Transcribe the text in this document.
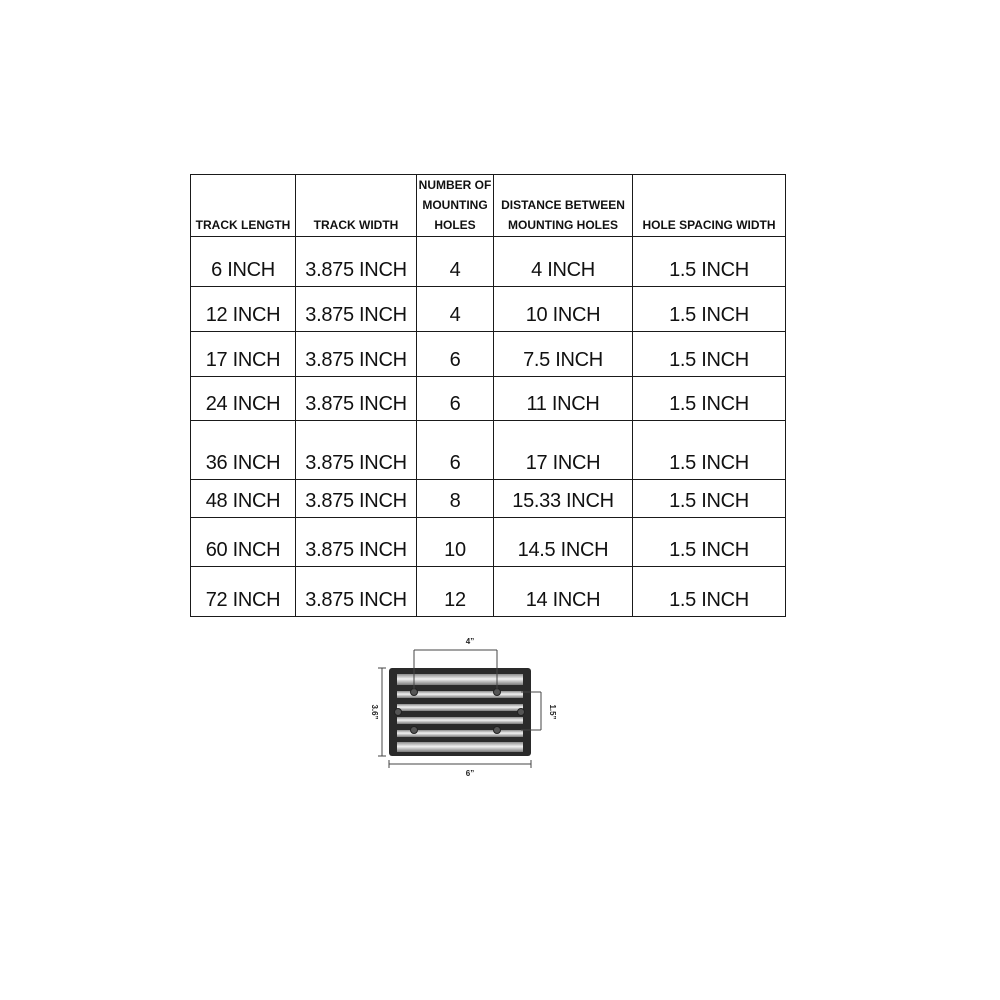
TRACK LENGTH	TRACK WIDTH	NUMBER OF MOUNTING HOLES	DISTANCE BETWEEN MOUNTING HOLES	HOLE SPACING WIDTH
6 INCH	3.875 INCH	4	4 INCH	1.5 INCH
12 INCH	3.875 INCH	4	10 INCH	1.5 INCH
17 INCH	3.875 INCH	6	7.5 INCH	1.5 INCH
24 INCH	3.875 INCH	6	11 INCH	1.5 INCH
36 INCH	3.875 INCH	6	17 INCH	1.5 INCH
48 INCH	3.875 INCH	8	15.33 INCH	1.5 INCH
60 INCH	3.875 INCH	10	14.5 INCH	1.5 INCH
72 INCH	3.875 INCH	12	14 INCH	1.5 INCH
4”
3.6”	1.5”
6”
